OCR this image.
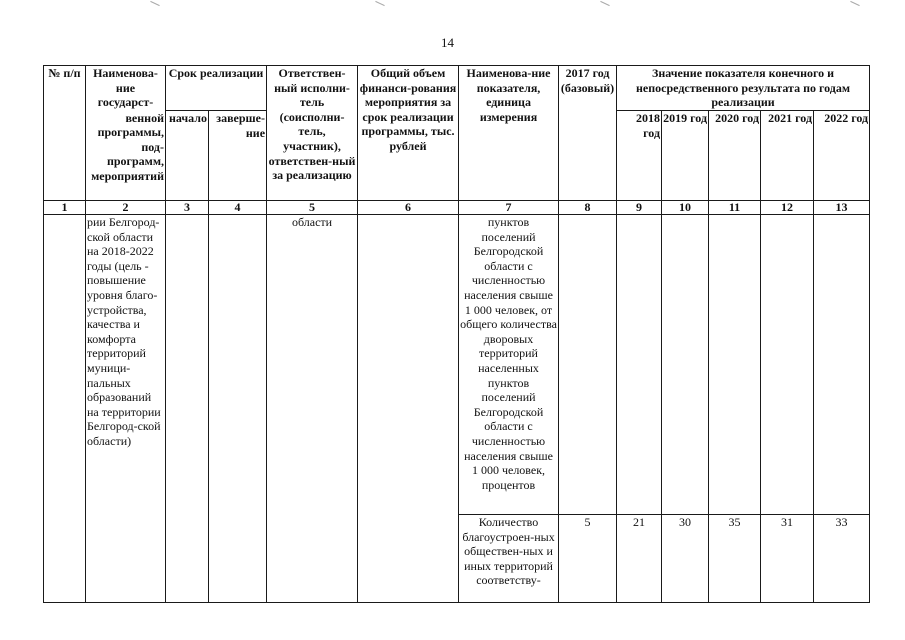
14
№ п/п	Наименова-ние государст-	Срок реализации		Ответствен-ный исполни-тель (соисполни-тель, участник), ответствен-ный за реализацию	Общий объем финанси-рования мероприятия за срок реализации программы, тыс. рублей	Наименова-ние показателя, единица измерения	2017 год (базовый)	Значение показателя конечного и непосредственного результата по годам реализации				
	венной программы, под-программ, мероприятий	начало	заверше-ние					2018 год	2019 год	2020 год	2021 год	2022 год
1	2	3	4	5	6	7	8	9	10	11	12	13
	рии Белгород-ской области на 2018-2022 годы (цель - повышение уровня благо-устройства, качества и комфорта территорий муници-пальных образований на территории Белгород-ской области)			области		пунктов поселений Белгородской области с численностью населения свыше 1 000 человек, от общего количества дворовых территорий населенных пунктов поселений Белгородской области с численностью населения свыше 1 000 человек, процентов						
						Количество благоустроен-ных обществен-ных и иных территорий соответству-	5	21	30	35	31	33
